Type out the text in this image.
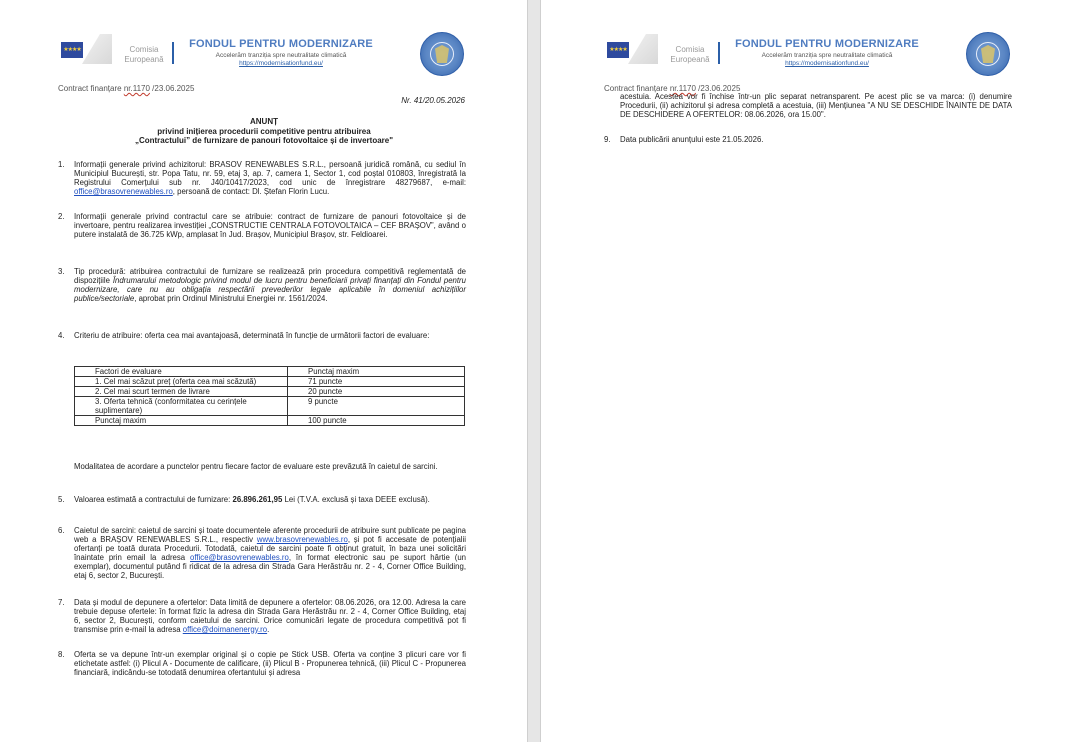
★★★★	Comisia
Europeană
FONDUL PENTRU MODERNIZARE
Accelerăm tranziția spre neutralitate climatică
https://modernisationfund.eu/
Contract finanțare nr.1170 /23.06.2025
Nr. 41/20.05.2026
ANUNȚ
privind inițierea procedurii competitive pentru atribuirea
„Contractului” de furnizare de panouri fotovoltaice și de invertoare"
1. Informații generale privind achizitorul: BRASOV RENEWABLES S.R.L., persoană juridică română, cu sediul în Municipiul București, str. Popa Tatu, nr. 59, etaj 3, ap. 7, camera 1, Sector 1, cod poștal 010803, înregistrată la Registrului Comerțului sub nr. J40/10417/2023, cod unic de înregistrare 48279687, e-mail: office@brasovrenewables.ro, persoană de contact: Dl. Ștefan Florin Lucu.
2. Informații generale privind contractul care se atribuie: contract de furnizare de panouri fotovoltaice și de invertoare, pentru realizarea investiției „CONSTRUCTIE CENTRALA FOTOVOLTAICA – CEF BRAȘOV”, având o putere instalată de 36.725 kWp, amplasat în Jud. Brașov, Municipiul Brașov, str. Feldioarei.
3. Tip procedură: atribuirea contractului de furnizare se realizează prin procedura competitivă reglementată de dispozițiile Îndrumarului metodologic privind modul de lucru pentru beneficiarii privați finanțați din Fondul pentru modernizare, care nu au obligația respectării prevederilor legale aplicabile în domeniul achizițiilor publice/sectoriale, aprobat prin Ordinul Ministrului Energiei nr. 1561/2024.
4. Criteriu de atribuire: oferta cea mai avantajoasă, determinată în funcție de următorii factori de evaluare:
Factori de evaluare	Punctaj maxim
1. Cel mai scăzut preț (oferta cea mai scăzută)	71 puncte
2. Cel mai scurt termen de livrare	20 puncte
3. Oferta tehnică (conformitatea cu cerințele suplimentare)	9 puncte
Punctaj maxim	100 puncte
Modalitatea de acordare a punctelor pentru fiecare factor de evaluare este prevăzută în caietul de sarcini.
5. Valoarea estimată a contractului de furnizare: 26.896.261,95 Lei (T.V.A. exclusă și taxa DEEE exclusă).
6. Caietul de sarcini: caietul de sarcini și toate documentele aferente procedurii de atribuire sunt publicate pe pagina web a BRAȘOV RENEWABLES S.R.L., respectiv www.brasovrenewables.ro, și pot fi accesate de potențialii ofertanți pe toată durata Procedurii. Totodată, caietul de sarcini poate fi obținut gratuit, în baza unei solicitări înaintate prin email la adresa office@brasovrenewables.ro, în format electronic sau pe suport hârtie (un exemplar), documentul putând fi ridicat de la adresa din Strada Gara Herăstrău nr. 2 - 4, Corner Office Building, etaj 6, sector 2, București.
7. Data și modul de depunere a ofertelor: Data limită de depunere a ofertelor: 08.06.2026, ora 12.00. Adresa la care trebuie depuse ofertele: în format fizic la adresa din Strada Gara Herăstrău nr. 2 - 4, Corner Office Building, etaj 6, sector 2, București, conform caietului de sarcini. Orice comunicări legate de procedura competitivă pot fi transmise prin e-mail la adresa office@doimanenergy.ro.
8. Oferta se va depune într-un exemplar original și o copie pe Stick USB. Oferta va conține 3 plicuri care vor fi etichetate astfel: (i) Plicul A - Documente de calificare, (ii) Plicul B - Propunerea tehnică, (iii) Plicul C - Propunerea financiară, indicându-se totodată denumirea ofertantului și adresa
★★★★	Comisia
Europeană
FONDUL PENTRU MODERNIZARE
Accelerăm tranziția spre neutralitate climatică
https://modernisationfund.eu/
Contract finanțare nr.1170 /23.06.2025
acestuia. Acestea vor fi închise într-un plic separat netransparent. Pe acest plic se va marca: (i) denumire Procedurii, (ii) achizitorul și adresa completă a acestuia, (iii) Mențiunea "A NU SE DESCHIDE ÎNAINTE DE DATA DE DESCHIDERE A OFERTELOR: 08.06.2026, ora 15.00".
9. Data publicării anunțului este 21.05.2026.
